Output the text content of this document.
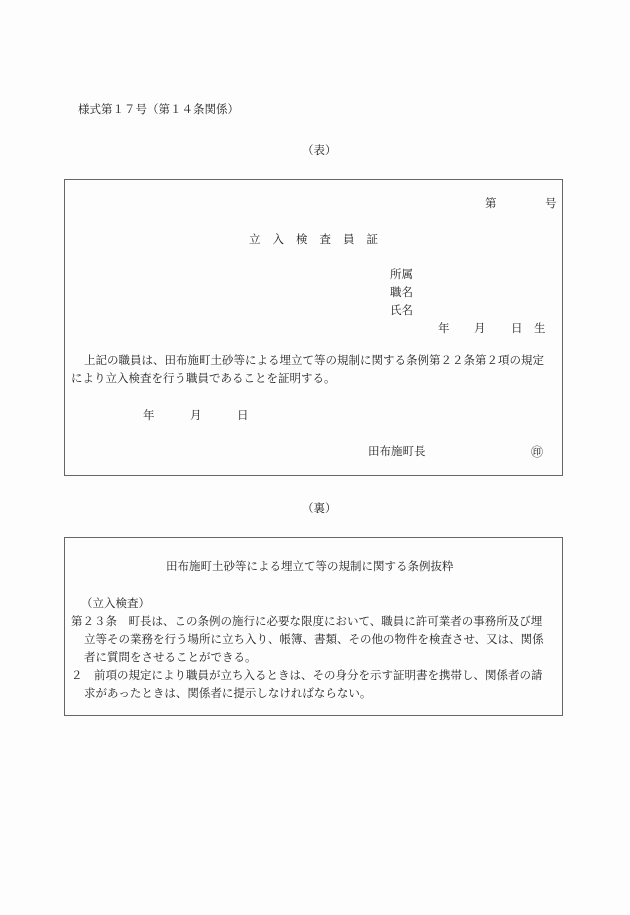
様式第１７号（第１４条関係）
（表）
第	号
立入検査員証
所属
職名
氏名
年 月 日 生
上記の職員は、田布施町土砂等による埋立て等の規制に関する条例第２２条第２項の規定
により立入検査を行う職員であることを証明する。
年	月	日
田布施町長	㊞
（裏）
田布施町土砂等による埋立て等の規制に関する条例抜粋
（立入検査）
第２３条　町長は、この条例の施行に必要な限度において、職員に許可業者の事務所及び埋
立等その業務を行う場所に立ち入り、帳簿、書類、その他の物件を検査させ、又は、関係
者に質問をさせることができる。
２　前項の規定により職員が立ち入るときは、その身分を示す証明書を携帯し、関係者の請
求があったときは、関係者に提示しなければならない。
